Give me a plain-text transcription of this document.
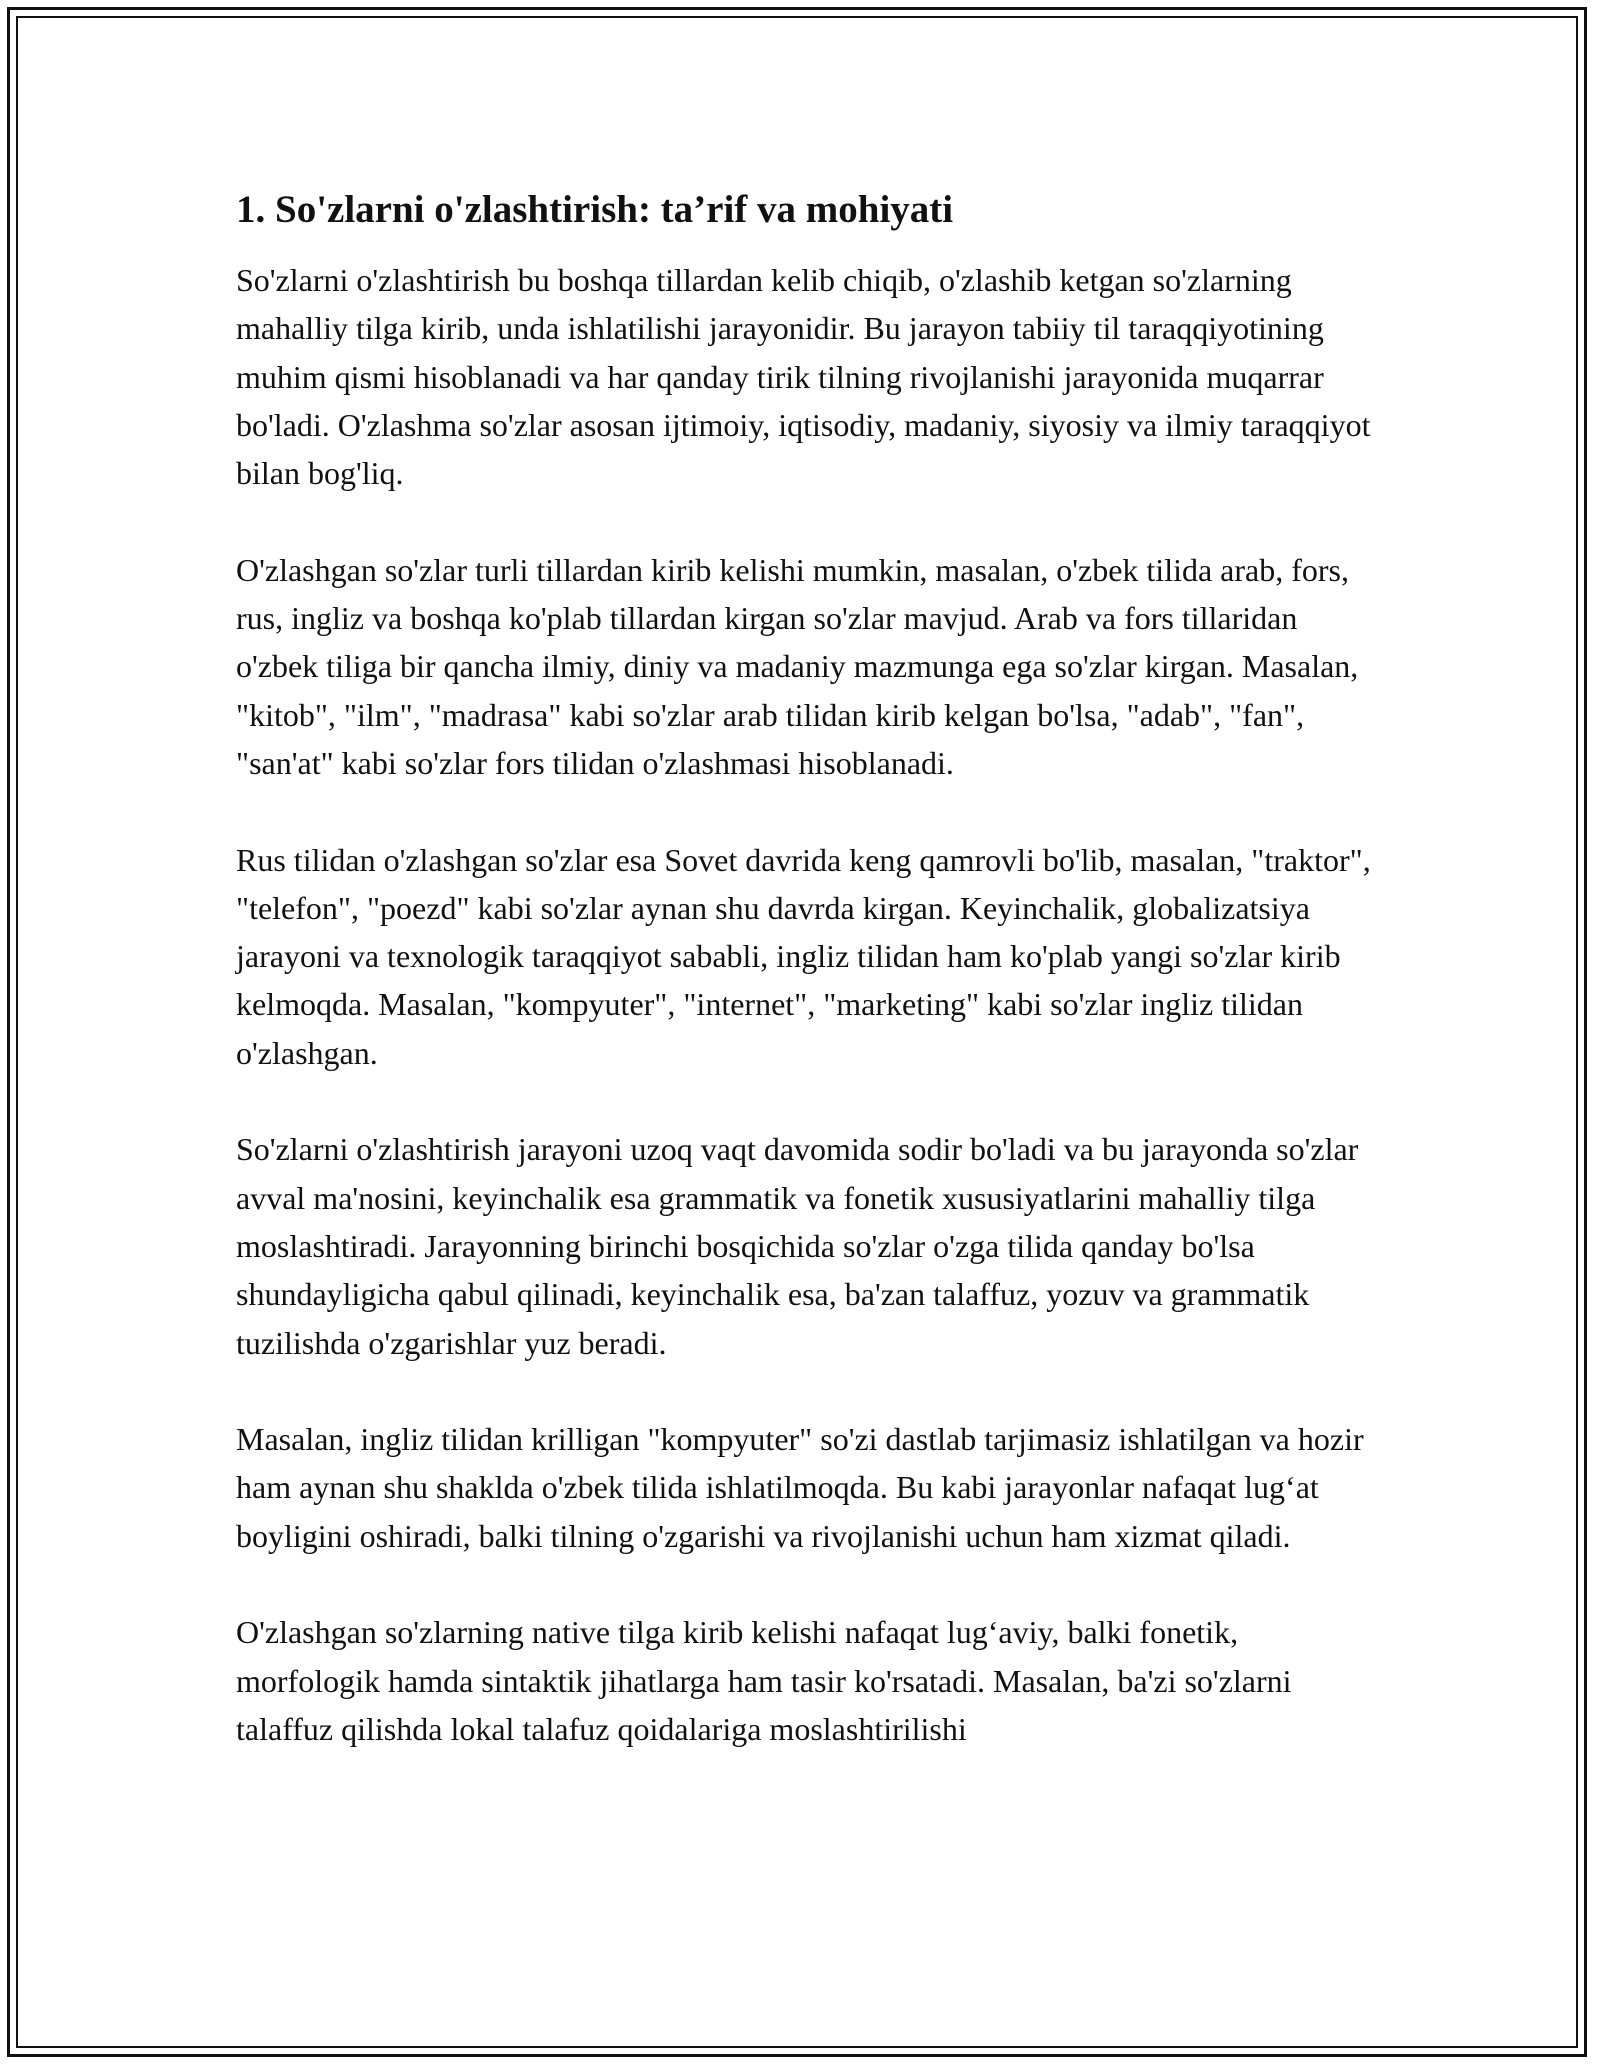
1. So'zlarni o'zlashtirish: ta’rif va mohiyati

So'zlarni o'zlashtirish bu boshqa tillardan kelib chiqib, o'zlashib ketgan so'zlarning mahalliy tilga kirib, unda ishlatilishi jarayonidir. Bu jarayon tabiiy til taraqqiyotining muhim qismi hisoblanadi va har qanday tirik tilning rivojlanishi jarayonida muqarrar bo'ladi. O'zlashma so'zlar asosan ijtimoiy, iqtisodiy, madaniy, siyosiy va ilmiy taraqqiyot bilan bog'liq.

O'zlashgan so'zlar turli tillardan kirib kelishi mumkin, masalan, o'zbek tilida arab, fors, rus, ingliz va boshqa ko'plab tillardan kirgan so'zlar mavjud. Arab va fors tillaridan o'zbek tiliga bir qancha ilmiy, diniy va madaniy mazmunga ega so'zlar kirgan. Masalan, "kitob", "ilm", "madrasa" kabi so'zlar arab tilidan kirib kelgan bo'lsa, "adab", "fan", "san'at" kabi so'zlar fors tilidan o'zlashmasi hisoblanadi.

Rus tilidan o'zlashgan so'zlar esa Sovet davrida keng qamrovli bo'lib, masalan, "traktor", "telefon", "poezd" kabi so'zlar aynan shu davrda kirgan. Keyinchalik, globalizatsiya jarayoni va texnologik taraqqiyot sababli, ingliz tilidan ham ko'plab yangi so'zlar kirib kelmoqda. Masalan, "kompyuter", "internet", "marketing" kabi so'zlar ingliz tilidan o'zlashgan.

So'zlarni o'zlashtirish jarayoni uzoq vaqt davomida sodir bo'ladi va bu jarayonda so'zlar avval ma'nosini, keyinchalik esa grammatik va fonetik xususiyatlarini mahalliy tilga moslashtiradi. Jarayonning birinchi bosqichida so'zlar o'zga tilida qanday bo'lsa shundayligicha qabul qilinadi, keyinchalik esa, ba'zan talaffuz, yozuv va grammatik tuzilishda o'zgarishlar yuz beradi.

Masalan, ingliz tilidan krilligan "kompyuter" so'zi dastlab tarjimasiz ishlatilgan va hozir ham aynan shu shaklda o'zbek tilida ishlatilmoqda. Bu kabi jarayonlar nafaqat lug‘at boyligini oshiradi, balki tilning o'zgarishi va rivojlanishi uchun ham xizmat qiladi.

O'zlashgan so'zlarning native tilga kirib kelishi nafaqat lug‘aviy, balki fonetik, morfologik hamda sintaktik jihatlarga ham tasir ko'rsatadi. Masalan, ba'zi so'zlarni talaffuz qilishda lokal talafuz qoidalariga moslashtirilishi
